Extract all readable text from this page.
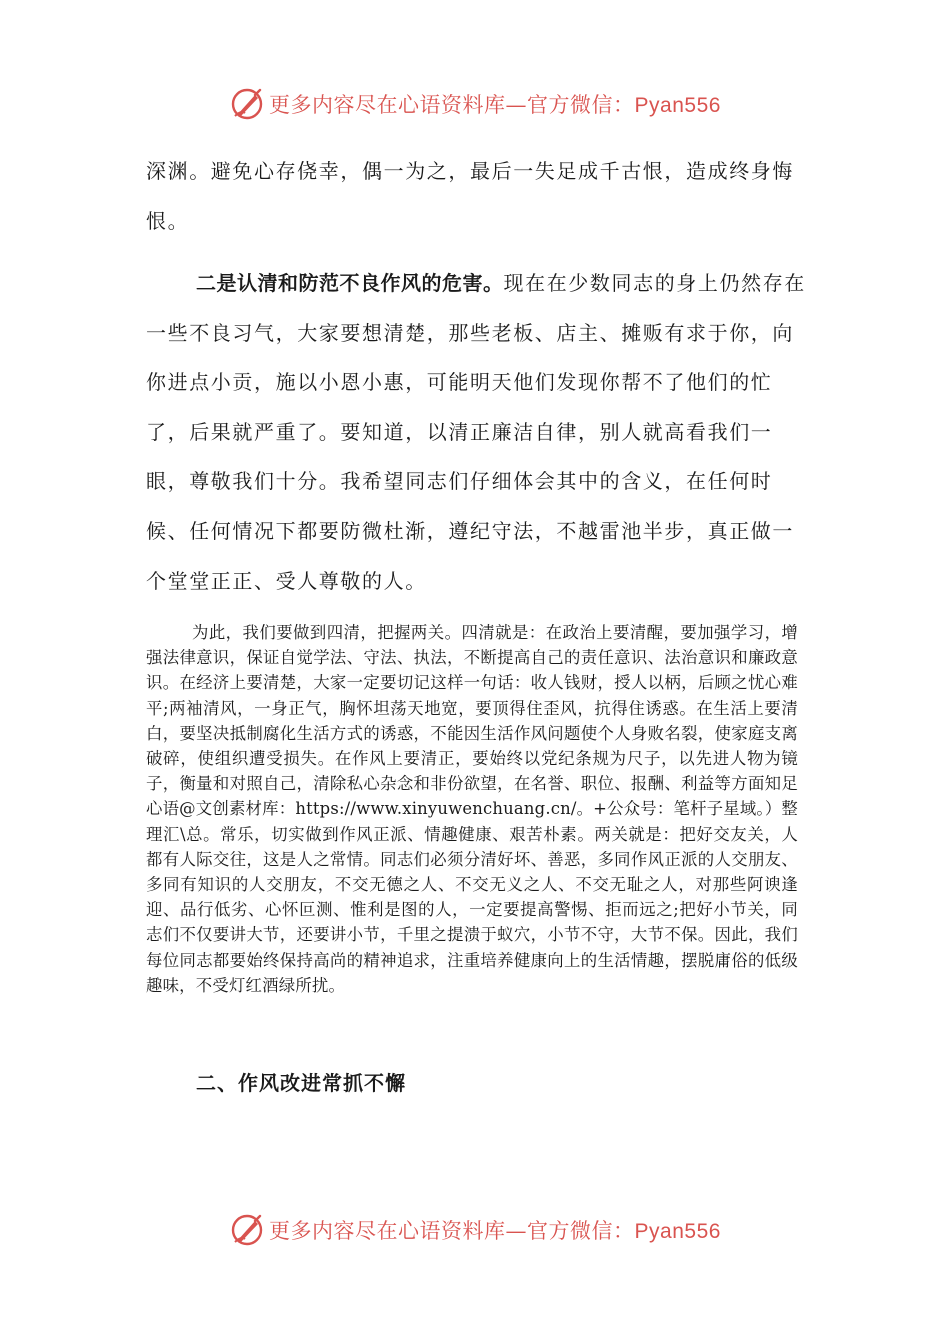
更多内容尽在心语资料库—官方微信：Pyan556

深渊。避免心存侥幸，偶一为之，最后一失足成千古恨，造成终身悔恨。

二是认清和防范不良作风的危害。现在在少数同志的身上仍然存在一些不良习气，大家要想清楚，那些老板、店主、摊贩有求于你，向你进点小贡，施以小恩小惠，可能明天他们发现你帮不了他们的忙了，后果就严重了。要知道，以清正廉洁自律，别人就高看我们一眼，尊敬我们十分。我希望同志们仔细体会其中的含义，在任何时候、任何情况下都要防微杜渐，遵纪守法，不越雷池半步，真正做一个堂堂正正、受人尊敬的人。

为此，我们要做到四清，把握两关。四清就是：在政治上要清醒，要加强学习，增强法律意识，保证自觉学法、守法、执法，不断提高自己的责任意识、法治意识和廉政意识。在经济上要清楚，大家一定要切记这样一句话：收人钱财，授人以柄，后顾之忧心难平;两袖清风，一身正气，胸怀坦荡天地宽，要顶得住歪风，抗得住诱惑。在生活上要清白，要坚决抵制腐化生活方式的诱惑，不能因生活作风问题使个人身败名裂，使家庭支离破碎，使组织遭受损失。在作风上要清正，要始终以党纪条规为尺子，以先进人物为镜子，衡量和对照自己，清除私心杂念和非份欲望，在名誉、职位、报酬、利益等方面知足心语@文创素材库：https://www.xinyuwenchuang.cn/。+公众号：笔杆子星域。）整理汇\总。常乐，切实做到作风正派、情趣健康、艰苦朴素。两关就是：把好交友关，人都有人际交往，这是人之常情。同志们必须分清好坏、善恶，多同作风正派的人交朋友、多同有知识的人交朋友，不交无德之人、不交无义之人、不交无耻之人，对那些阿谀逢迎、品行低劣、心怀叵测、惟利是图的人，一定要提高警惕、拒而远之;把好小节关，同志们不仅要讲大节，还要讲小节，千里之提溃于蚁穴，小节不守，大节不保。因此，我们每位同志都要始终保持高尚的精神追求，注重培养健康向上的生活情趣，摆脱庸俗的低级趣味，不受灯红酒绿所扰。

二、作风改进常抓不懈
更多内容尽在心语资料库—官方微信：Pyan556
